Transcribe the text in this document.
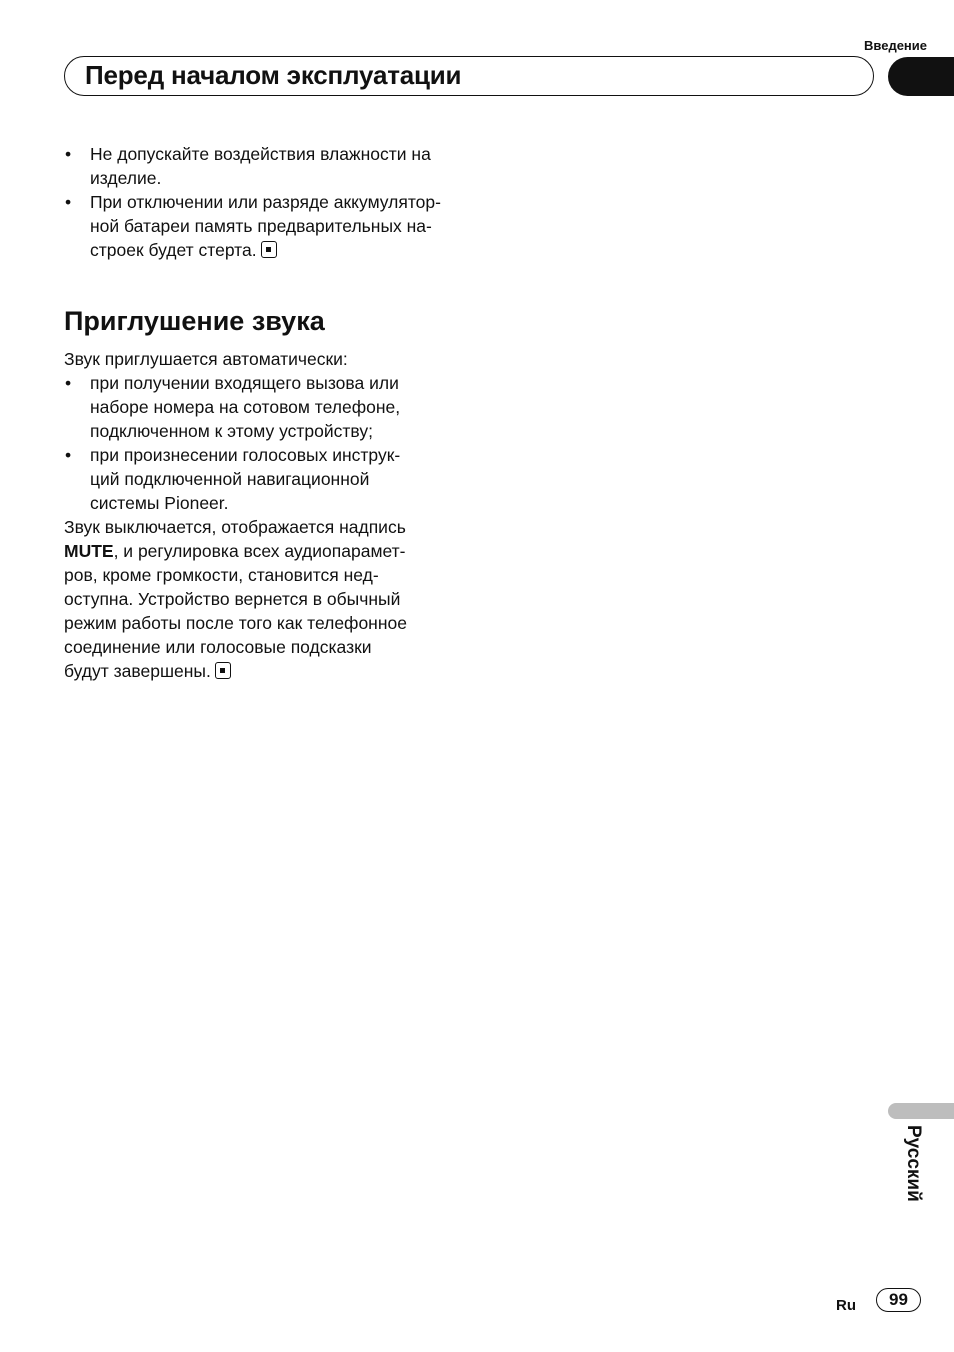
Введение
Перед началом эксплуатации
• Не допускайте воздействия влажности на
изделие.
• При отключении или разряде аккумулятор-
ной батареи память предварительных на-
строек будет стерта.
Приглушение звука
Звук приглушается автоматически:
• при получении входящего вызова или
наборе номера на сотовом телефоне,
подключенном к этому устройству;
• при произнесении голосовых инструк-
ций подключенной навигационной
системы Pioneer.
Звук выключается, отображается надпись
MUTE, и регулировка всех аудиопарамет-
ров, кроме громкости, становится нед-
оступна. Устройство вернется в обычный
режим работы после того как телефонное
соединение или голосовые подсказки
будут завершены.
Русский
Ru	99
